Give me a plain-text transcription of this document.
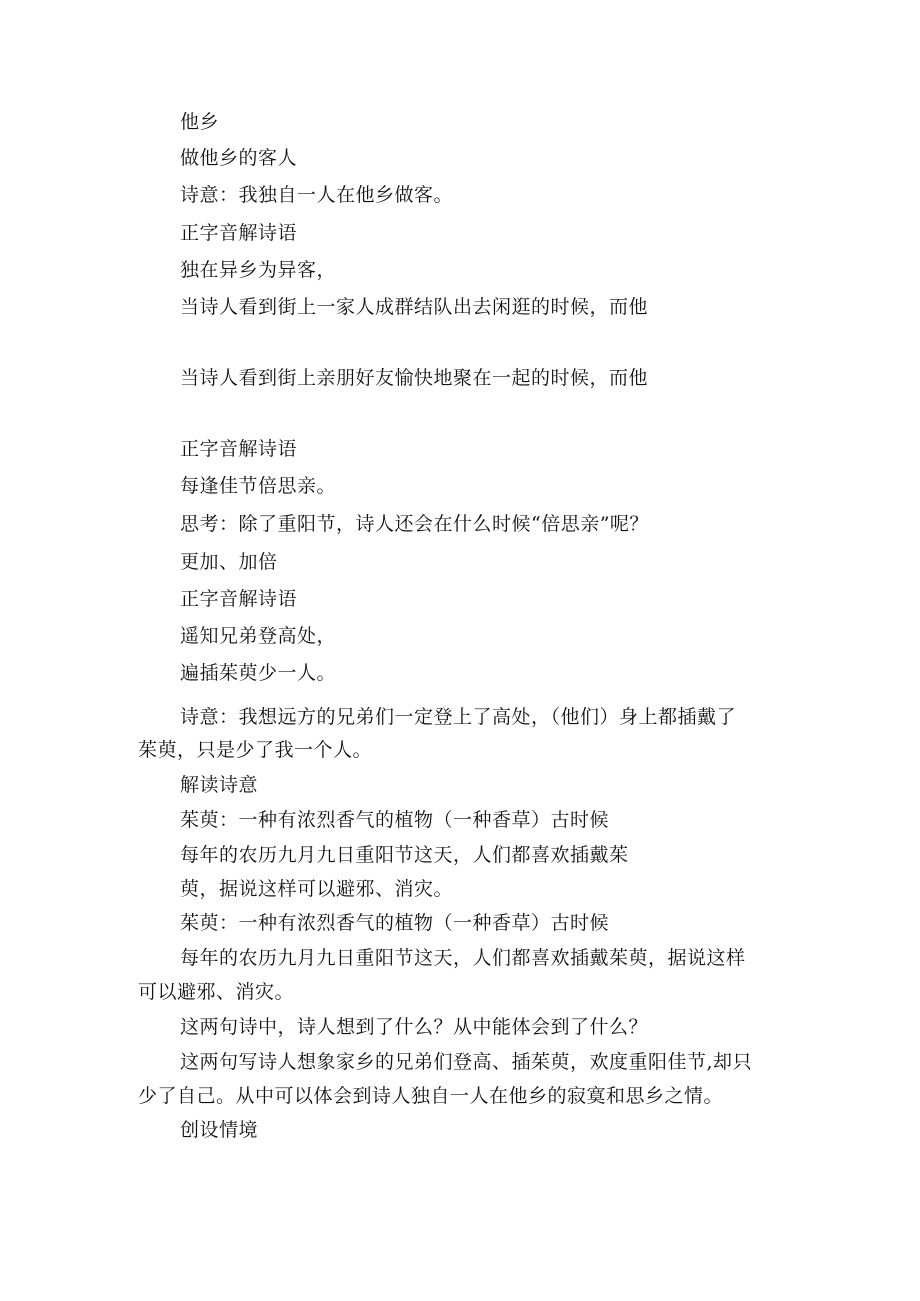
他乡

做他乡的客人

诗意：我独自一人在他乡做客。

正字音解诗语

独在异乡为异客，

当诗人看到街上一家人成群结队出去闲逛的时候，而他

当诗人看到街上亲朋好友愉快地聚在一起的时候，而他

正字音解诗语

每逢佳节倍思亲。

思考：除了重阳节，诗人还会在什么时候“倍思亲”呢？

更加、加倍

正字音解诗语

遥知兄弟登高处，

遍插茱萸少一人。

诗意：我想远方的兄弟们一定登上了高处，（他们）身上都插戴了

茱萸，只是少了我一个人。

解读诗意

茱萸：一种有浓烈香气的植物（一种香草）古时候

每年的农历九月九日重阳节这天，人们都喜欢插戴茱

萸，据说这样可以避邪、消灾。

茱萸：一种有浓烈香气的植物（一种香草）古时候

每年的农历九月九日重阳节这天，人们都喜欢插戴茱萸，据说这样

可以避邪、消灾。

这两句诗中，诗人想到了什么？从中能体会到了什么？

这两句写诗人想象家乡的兄弟们登高、插茱萸，欢度重阳佳节,却只

少了自己。从中可以体会到诗人独自一人在他乡的寂寞和思乡之情。

创设情境
